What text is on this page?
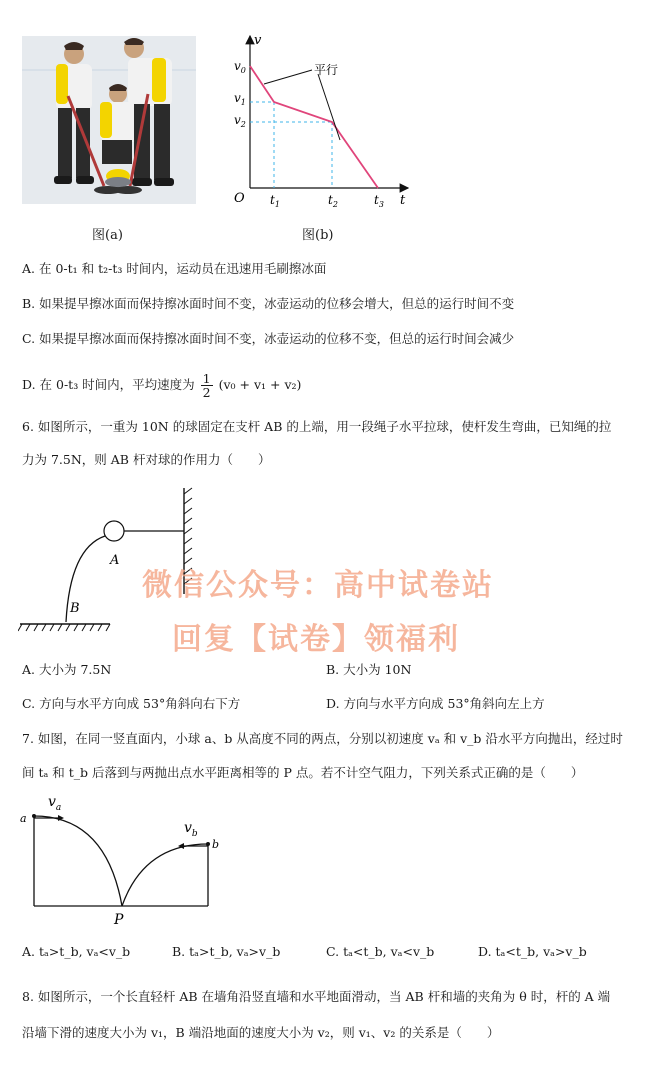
图(a)
v
t
O
平行
$v_0$
$v_1$
$v_2$
$t_1$	$t_2$	$t_3$
图(b)
A. 在 0-t₁ 和 t₂-t₃ 时间内，运动员在迅速用毛刷擦冰面
B. 如果提早擦冰面而保持擦冰面时间不变，冰壶运动的位移会增大，但总的运行时间不变
C. 如果提早擦冰面而保持擦冰面时间不变，冰壶运动的位移不变，但总的运行时间会减少
D. 在 0-t₃ 时间内，平均速度为 $\frac{1}{2} (v_0 + v_1 + v_2)$
6. 如图所示，一重为 10N 的球固定在支杆 AB 的上端，用一段绳子水平拉球，使杆发生弯曲，已知绳的拉
力为 7.5N，则 AB 杆对球的作用力（　　）
A
B
微信公众号：高中试卷站
回复【试卷】领福利
A. 大小为 7.5N	B. 大小为 10N
C. 方向与水平方向成 53°角斜向右下方	D. 方向与水平方向成 53°角斜向左上方
7. 如图，在同一竖直面内，小球 a、b 从高度不同的两点，分别以初速度 vₐ 和 v_b 沿水平方向抛出，经过时
间 tₐ 和 t_b 后落到与两抛出点水平距离相等的 P 点。若不计空气阻力，下列关系式正确的是（　　）
a
b
$v_a$
$v_b$
P
A. tₐ>t_b, vₐ<v_b	B. tₐ>t_b, vₐ>v_b	C. tₐ<t_b, vₐ<v_b	D. tₐ<t_b, vₐ>v_b
8. 如图所示，一个长直轻杆 AB 在墙角沿竖直墙和水平地面滑动，当 AB 杆和墙的夹角为 θ 时，杆的 A 端
沿墙下滑的速度大小为 v₁，B 端沿地面的速度大小为 v₂，则 v₁、v₂ 的关系是（　　）
